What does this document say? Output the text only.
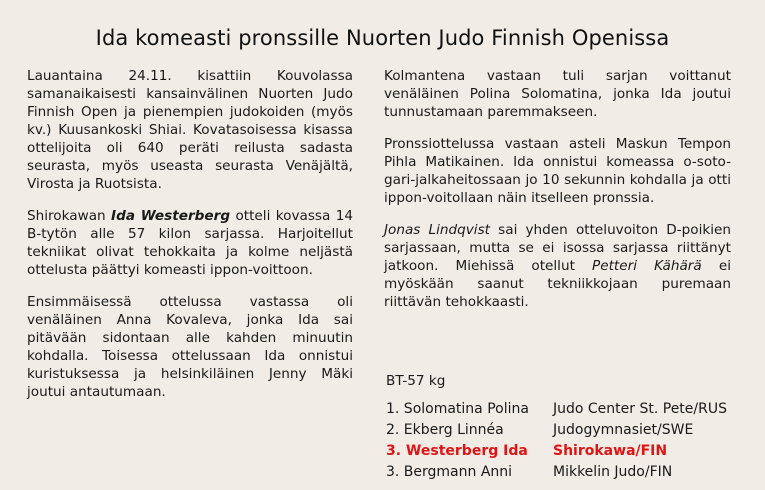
Ida komeasti pronssille Nuorten Judo Finnish Openissa

Lauantaina 24.11. kisattiin Kouvolassa samanaikaisesti kansainvälinen Nuorten Judo Finnish Open ja pienempien judokoiden (myös kv.) Kuusankoski Shiai. Kovatasoisessa kisassa ottelijoita oli 640 peräti reilusta sadasta seurasta, myös useasta seurasta Venäjältä, Virosta ja Ruotsista.

Shirokawan Ida Westerberg otteli kovassa 14 B-tytön alle 57 kilon sarjassa. Harjoitellut tekniikat olivat tehokkaita ja kolme neljästä ottelusta päättyi komeasti ippon-voittoon.

Ensimmäisessä ottelussa vastassa oli venäläinen Anna Kovaleva, jonka Ida sai pitävään sidontaan alle kahden minuutin kohdalla. Toisessa ottelussaan Ida onnistui kuristuksessa ja helsinkiläinen Jenny Mäki joutui antautumaan.

Kolmantena vastaan tuli sarjan voittanut venäläinen Polina Solomatina, jonka Ida joutui tunnustamaan paremmakseen.

Pronssiottelussa vastaan asteli Maskun Tempon Pihla Matikainen. Ida onnistui komeassa o-soto-gari-jalkaheitossaan jo 10 sekunnin kohdalla ja otti ippon-voitollaan näin itselleen pronssia.

Jonas Lindqvist sai yhden otteluvoiton D-poikien sarjassaan, mutta se ei isossa sarjassa riittänyt jatkoon. Miehissä otellut Petteri Kähärä ei myöskään saanut tekniikkojaan puremaan riittävän tehokkaasti.

BT-57 kg
1. Solomatina Polina	Judo Center St. Pete/RUS
2. Ekberg Linnéa	Judogymnasiet/SWE
3. Westerberg Ida	Shirokawa/FIN
3. Bergmann Anni	Mikkelin Judo/FIN
